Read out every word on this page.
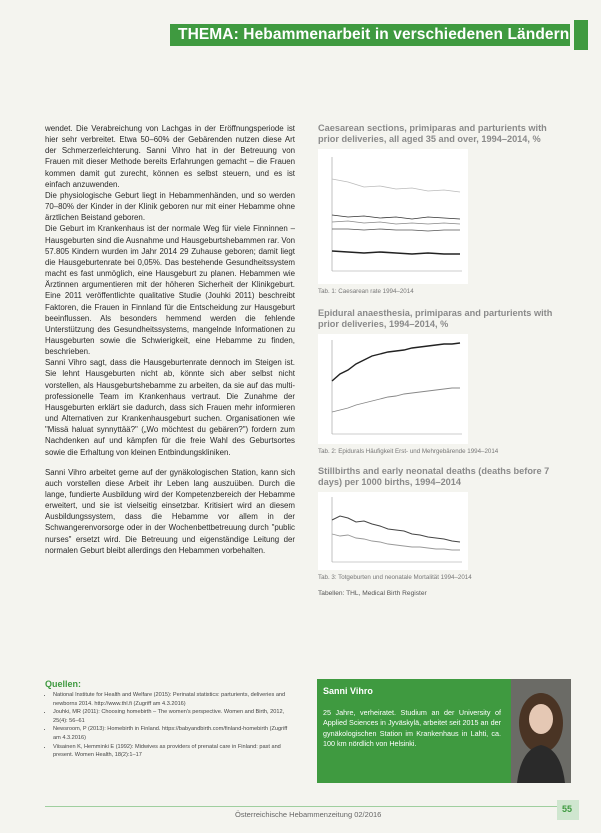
THEMA: Hebammenarbeit in verschiedenen Ländern

wendet. Die Verabreichung von Lachgas in der Eröffnungsperiode ist hier sehr verbreitet. Etwa 50–60% der Gebärenden nutzen diese Art der Schmerzerleichterung. Sanni Vihro hat in der Betreuung von Frauen mit dieser Methode bereits Erfahrungen gemacht – die Frauen kommen damit gut zurecht, können es selbst steuern, und es ist einfach anzuwenden.

Die physiologische Geburt liegt in Hebammenhänden, und so werden 70–80% der Kinder in der Klinik geboren nur mit einer Hebamme ohne ärztlichen Beistand geboren.

Die Geburt im Krankenhaus ist der normale Weg für viele Finninnen – Hausgeburten sind die Ausnahme und Hausgeburtshebammen rar. Von 57.805 Kindern wurden im Jahr 2014 29 Zuhause geboren; damit liegt die Hausgeburtenrate bei 0,05%. Das bestehende Gesundheitssystem macht es fast unmöglich, eine Hausgeburt zu planen. Hebammen wie Ärztinnen argumentieren mit der höheren Sicherheit der Klinikgeburt. Eine 2011 veröffentlichte qualitative Studie (Jouhki 2011) beschreibt Faktoren, die Frauen in Finnland für die Entscheidung zur Hausgeburt beeinflussen. Als besonders hemmend werden die fehlende Unterstützung des Gesundheitssystems, mangelnde Informationen zu Hausgeburten sowie die Schwierigkeit, eine Hebamme zu finden, beschrieben.

Sanni Vihro sagt, dass die Hausgeburtenrate dennoch im Steigen ist. Sie lehnt Hausgeburten nicht ab, könnte sich aber selbst nicht vorstellen, als Hausgeburtshebamme zu arbeiten, da sie auf das multi-professionelle Team im Krankenhaus vertraut. Die Zunahme der Hausgeburten erklärt sie dadurch, dass sich Frauen mehr informieren und Alternativen zur Krankenhausgeburt suchen. Organisationen wie "Missä haluat synnyttää?" („Wo möchtest du gebären?") fordern zum Nachdenken auf und kämpfen für die freie Wahl des Geburtsortes sowie die Erhaltung von kleinen Entbindungskliniken.

Sanni Vihro arbeitet gerne auf der gynäkologischen Station, kann sich auch vorstellen diese Arbeit ihr Leben lang auszuüben. Durch die lange, fundierte Ausbildung wird der Kompetenzbereich der Hebamme erweitert, und sie ist vielseitig einsetzbar. Kritisiert wird an diesem Ausbildungssystem, dass die Hebamme vor allem in der Schwangerenvorsorge oder in der Wochenbettbetreuung durch "public nurses" ersetzt wird. Die Betreuung und eigenständige Leitung der normalen Geburt bleibt allerdings den Hebammen vorbehalten.

Caesarean sections, primiparas and parturients with prior deliveries, all aged 35 and over, 1994–2014, %

Tab. 1: Caesarean rate 1994–2014

Epidural anaesthesia, primiparas and parturients with prior deliveries, 1994–2014, %

Tab. 2: Epidurals Häufigkeit Erst- und Mehrgebärende 1994–2014

Stillbirths and early neonatal deaths (deaths before 7 days) per 1000 births, 1994–2014

Tab. 3: Totgeburten und neonatale Mortalität 1994–2014

Tabellen: THL, Medical Birth Register

Quellen:

• National Institute for Health and Welfare (2015): Perinatal statistics: parturients, deliveries and newborns 2014. http://www.thl.fi (Zugriff am 4.3.2016)
• Jouhki, MR (2011): Choosing homebirth – The women's perspective. Women and Birth, 2012, 25(4): 56–61
• Newsroom, P (2013): Homebirth in Finland. https://babyandbirth.com/finland-homebirth (Zugriff am 4.3.2016)
• Viisainen K, Hemminki E (1992): Midwives as providers of prenatal care in Finland: past and present. Women Health, 18(2):1–17
Sanni Vihro
25 Jahre, verheiratet. Studium an der University of Applied Sciences in Jyväskylä, arbeitet seit 2015 an der gynäkologischen Station im Krankenhaus in Lahti, ca. 100 km nördlich von Helsinki.
Österreichische Hebammenzeitung 02/2016
55
